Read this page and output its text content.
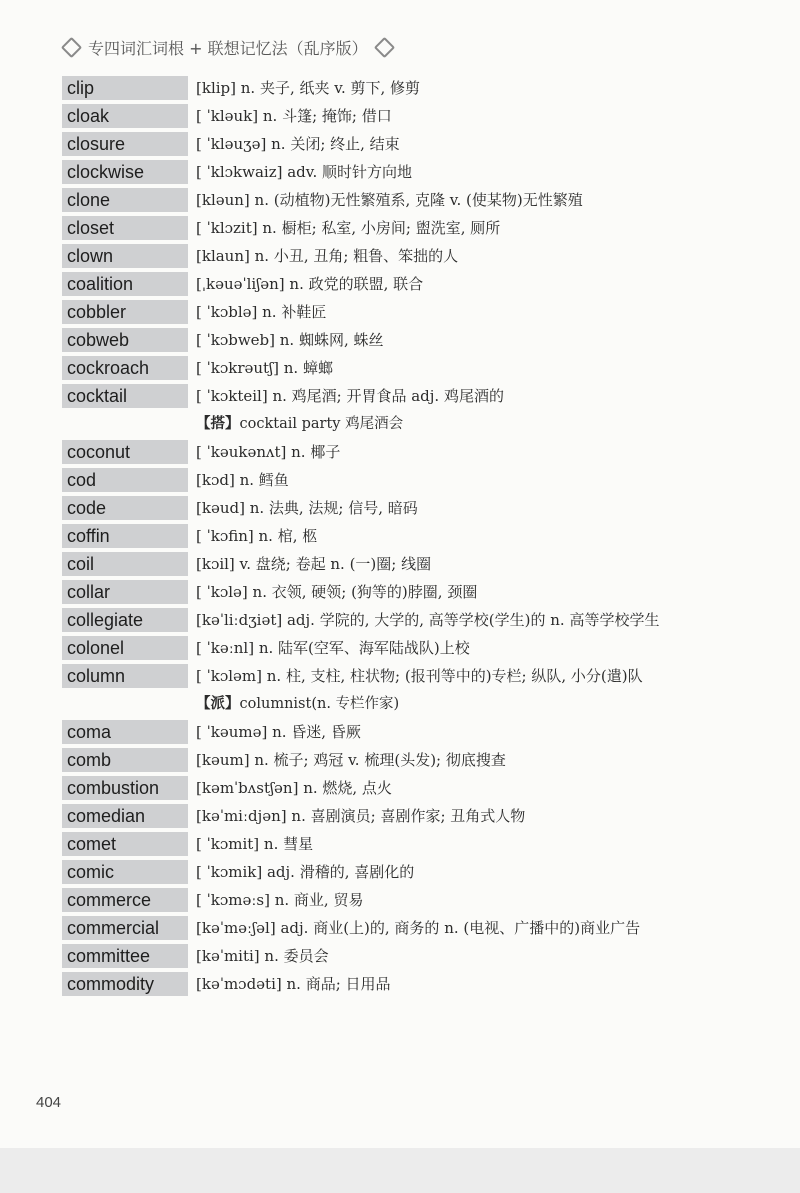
专四词汇词根 + 联想记忆法（乱序版）
clip	[klip] n. 夹子, 纸夹 v. 剪下, 修剪
cloak	[ ˈkləuk] n. 斗篷; 掩饰; 借口
closure	[ ˈkləuʒə] n. 关闭; 终止, 结束
clockwise	[ ˈklɔkwaiz] adv. 顺时针方向地
clone	[kləun] n. (动植物)无性繁殖系, 克隆 v. (使某物)无性繁殖
closet	[ ˈklɔzit] n. 橱柜; 私室, 小房间; 盥洗室, 厕所
clown	[klaun] n. 小丑, 丑角; 粗鲁、笨拙的人
coalition	[ˌkəuəˈliʃən] n. 政党的联盟, 联合
cobbler	[ ˈkɔblə] n. 补鞋匠
cobweb	[ ˈkɔbweb] n. 蜘蛛网, 蛛丝
cockroach	[ ˈkɔkrəutʃ] n. 蟑螂
cocktail	[ ˈkɔkteil] n. 鸡尾酒; 开胃食品 adj. 鸡尾酒的
【搭】cocktail party 鸡尾酒会
coconut	[ ˈkəukənʌt] n. 椰子
cod	[kɔd] n. 鳕鱼
code	[kəud] n. 法典, 法规; 信号, 暗码
coffin	[ ˈkɔfin] n. 棺, 柩
coil	[kɔil] v. 盘绕; 卷起 n. (一)圈; 线圈
collar	[ ˈkɔlə] n. 衣领, 硬领; (狗等的)脖圈, 颈圈
collegiate	[kəˈliːdʒiət] adj. 学院的, 大学的, 高等学校(学生)的 n. 高等学校学生
colonel	[ ˈkəːnl] n. 陆军(空军、海军陆战队)上校
column	[ ˈkɔləm] n. 柱, 支柱, 柱状物; (报刊等中的)专栏; 纵队, 小分(遣)队
【派】columnist(n. 专栏作家)
coma	[ ˈkəumə] n. 昏迷, 昏厥
comb	[kəum] n. 梳子; 鸡冠 v. 梳理(头发); 彻底搜查
combustion	[kəmˈbʌstʃən] n. 燃烧, 点火
comedian	[kəˈmiːdjən] n. 喜剧演员; 喜剧作家; 丑角式人物
comet	[ ˈkɔmit] n. 彗星
comic	[ ˈkɔmik] adj. 滑稽的, 喜剧化的
commerce	[ ˈkɔməːs] n. 商业, 贸易
commercial	[kəˈməːʃəl] adj. 商业(上)的, 商务的 n. (电视、广播中的)商业广告
committee	[kəˈmiti] n. 委员会
commodity	[kəˈmɔdəti] n. 商品; 日用品
404
